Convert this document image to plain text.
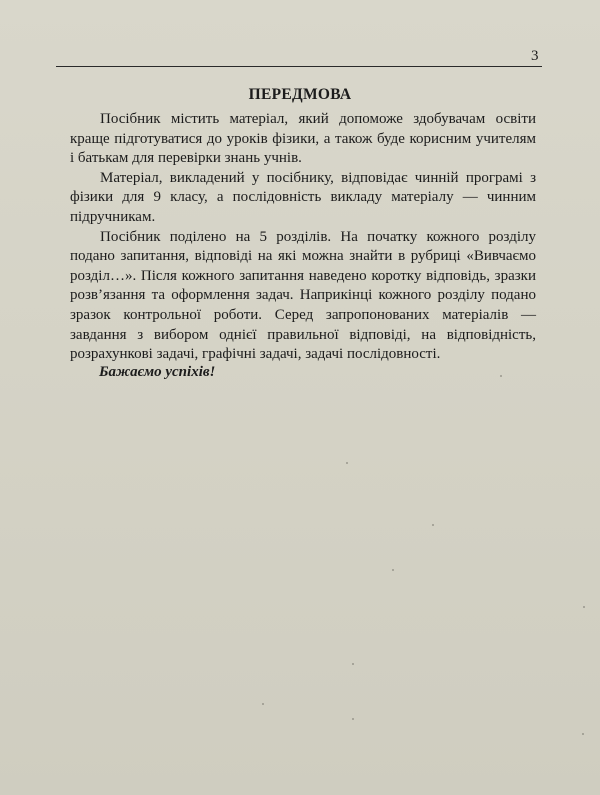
3
ПЕРЕДМОВА

Посібник містить матеріал, який допоможе здобувачам освіти краще підготуватися до уроків фізики, а також буде корисним учителям і батькам для перевірки знань учнів.

Матеріал, викладений у посібнику, відповідає чинній програмі з фізики для 9 класу, а послідовність викладу матеріалу — чинним підручникам.

Посібник поділено на 5 розділів. На початку кожного розділу подано запитання, відповіді на які можна знайти в рубриці «Вивчаємо розділ…». Після кожного запитання наведено коротку відповідь, зразки розв’язання та оформлення задач. Наприкінці кожного розділу подано зразок контрольної роботи. Серед запропонованих матеріалів — завдання з вибором однієї правильної відповіді, на відповідність, розрахункові задачі, графічні задачі, задачі послідовності.

Бажаємо успіхів!
